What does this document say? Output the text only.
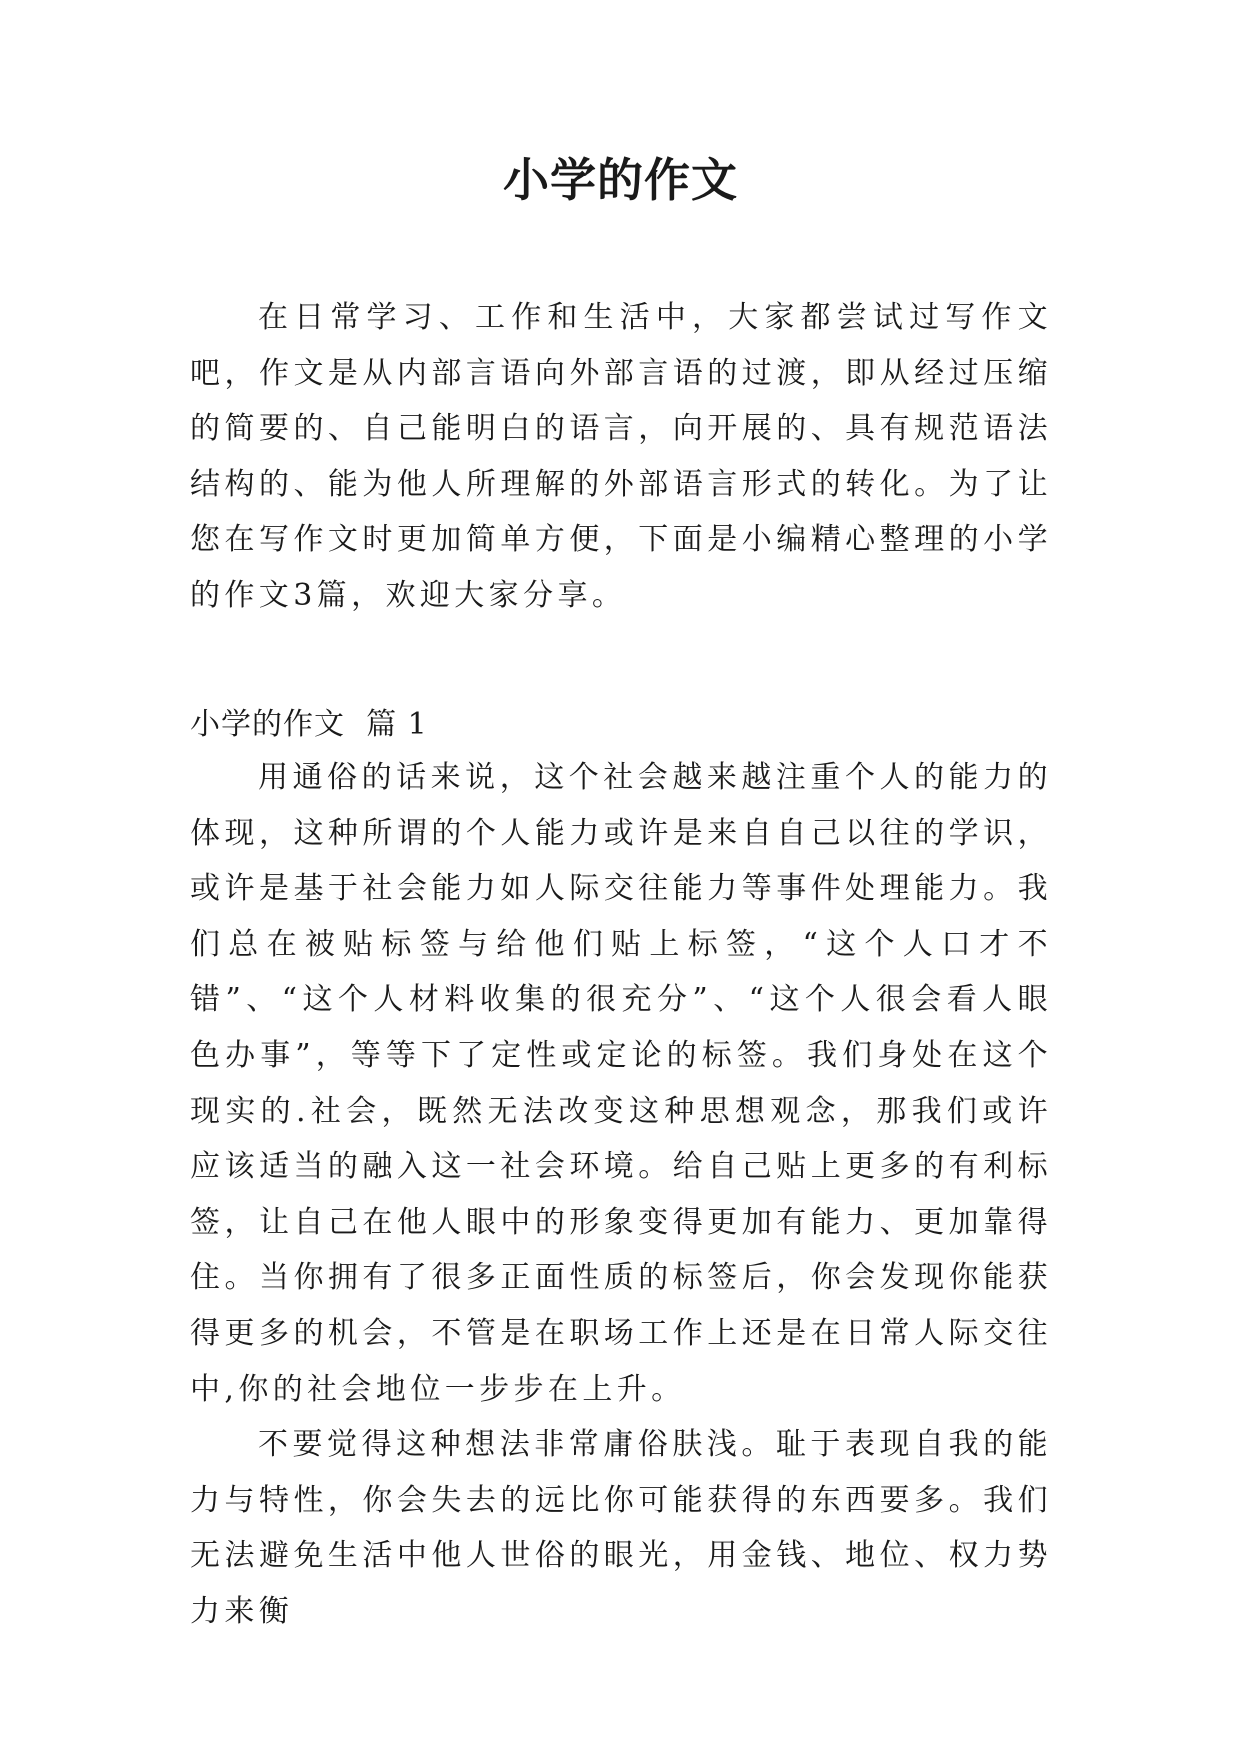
小学的作文

在日常学习、工作和生活中，大家都尝试过写作文吧，作文是从内部言语向外部言语的过渡，即从经过压缩的简要的、自己能明白的语言，向开展的、具有规范语法结构的、能为他人所理解的外部语言形式的转化。为了让您在写作文时更加简单方便，下面是小编精心整理的小学的作文3篇，欢迎大家分享。

小学的作文  篇 1

用通俗的话来说，这个社会越来越注重个人的能力的体现，这种所谓的个人能力或许是来自自己以往的学识，或许是基于社会能力如人际交往能力等事件处理能力。我们总在被贴标签与给他们贴上标签，“这个人口才不错”、“这个人材料收集的很充分”、“这个人很会看人眼色办事”，等等下了定性或定论的标签。我们身处在这个现实的.社会，既然无法改变这种思想观念，那我们或许应该适当的融入这一社会环境。给自己贴上更多的有利标签，让自己在他人眼中的形象变得更加有能力、更加靠得住。当你拥有了很多正面性质的标签后，你会发现你能获得更多的机会，不管是在职场工作上还是在日常人际交往中,你的社会地位一步步在上升。

不要觉得这种想法非常庸俗肤浅。耻于表现自我的能力与特性，你会失去的远比你可能获得的东西要多。我们无法避免生活中他人世俗的眼光，用金钱、地位、权力势力来衡
